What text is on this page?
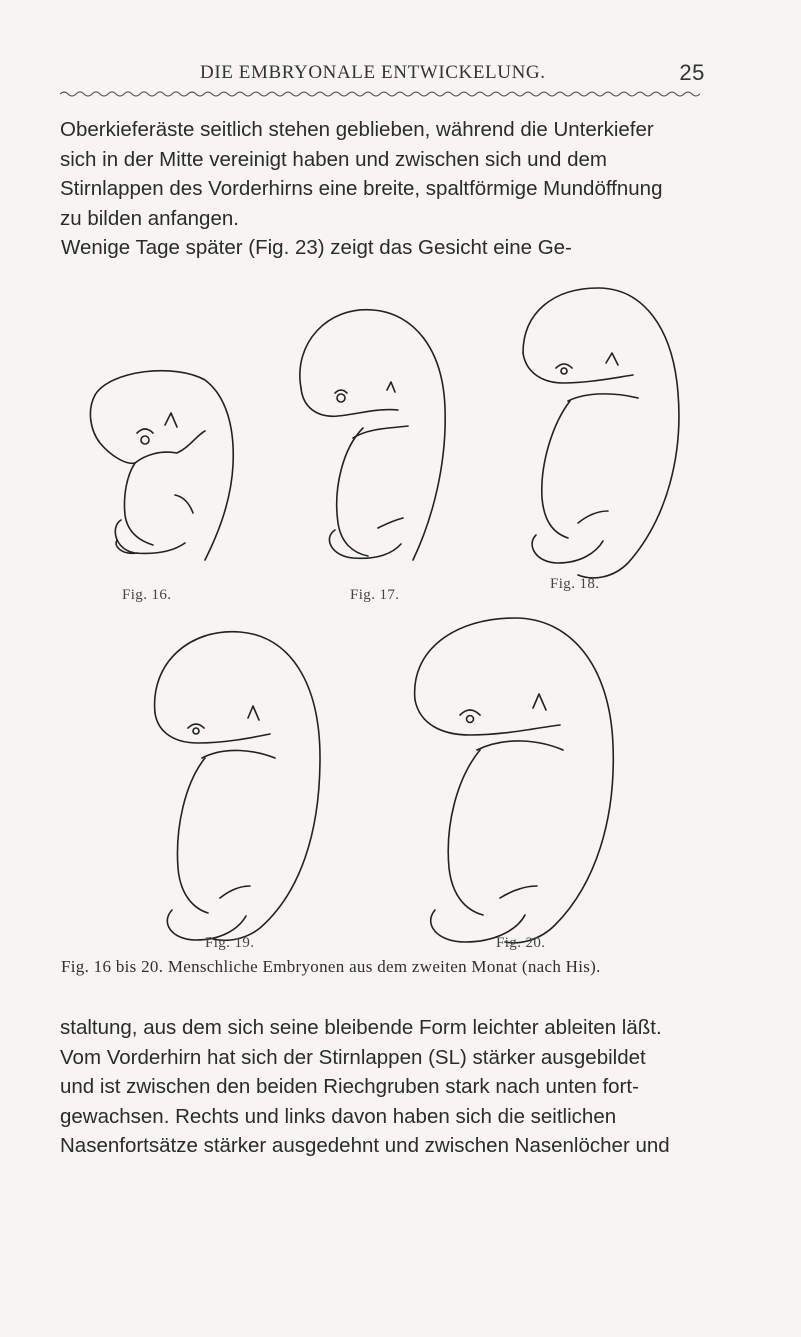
DIE EMBRYONALE ENTWICKELUNG.	25

Oberkieferäste seitlich stehen geblieben, während die Unterkiefer

sich in der Mitte vereinigt haben und zwischen sich und dem

Stirnlappen des Vorderhirns eine breite, spaltförmige Mundöffnung

zu bilden anfangen.

Wenige Tage später (Fig. 23) zeigt das Gesicht eine Ge-

Fig. 16.	Fig. 17.
Fig. 18.
Fig. 19.	Fig. 20.
Fig. 16 bis 20. Menschliche Embryonen aus dem zweiten Monat (nach His).

staltung, aus dem sich seine bleibende Form leichter ableiten läßt.

Vom Vorderhirn hat sich der Stirnlappen (SL) stärker ausgebildet

und ist zwischen den beiden Riechgruben stark nach unten fort-

gewachsen. Rechts und links davon haben sich die seitlichen

Nasenfortsätze stärker ausgedehnt und zwischen Nasenlöcher und
